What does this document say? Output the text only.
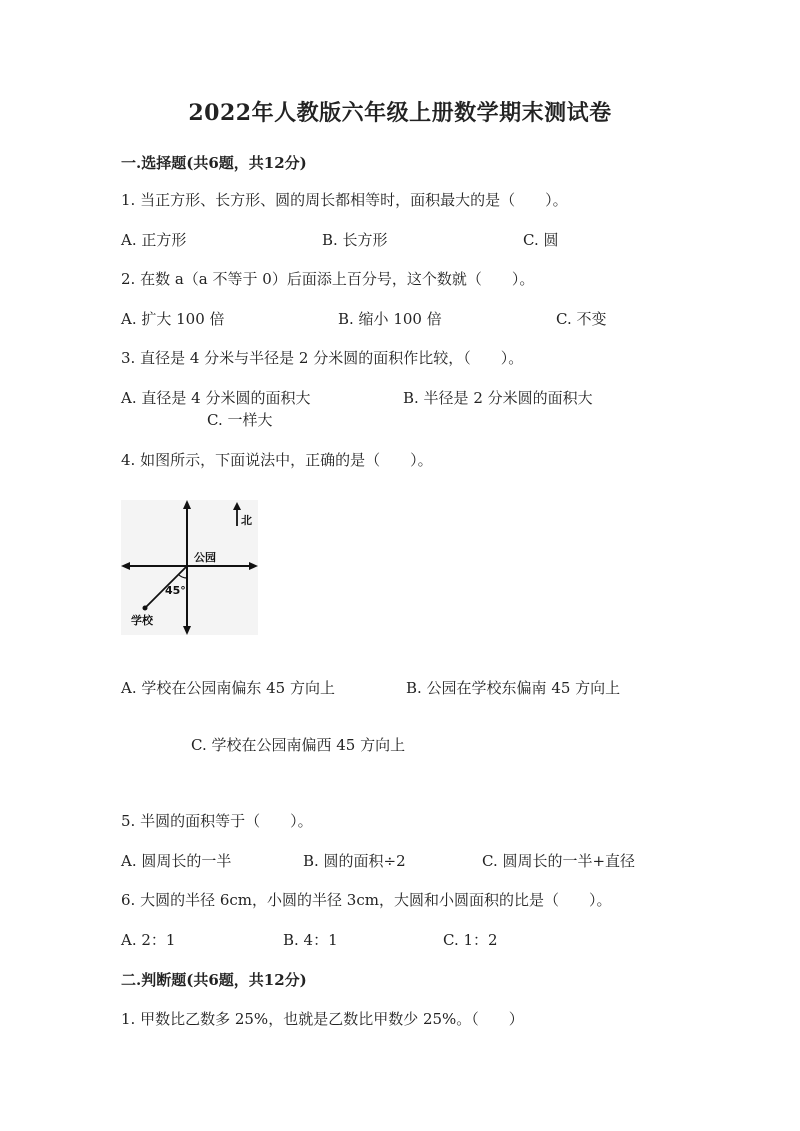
2022年人教版六年级上册数学期末测试卷
一.选择题(共6题，共12分)
1. 当正方形、长方形、圆的周长都相等时，面积最大的是（　　）。
A. 正方形	B. 长方形	C. 圆
2. 在数 a（a 不等于 0）后面添上百分号，这个数就（　　）。
A. 扩大 100 倍	B. 缩小 100 倍	C. 不变
3. 直径是 4 分米与半径是 2 分米圆的面积作比较，（　　）。
A. 直径是 4 分米圆的面积大	B. 半径是 2 分米圆的面积大
C. 一样大
4. 如图所示，下面说法中，正确的是（　　）。
北
公园
45°
学校
A. 学校在公园南偏东 45 方向上	B. 公园在学校东偏南 45 方向上
C. 学校在公园南偏西 45 方向上
5. 半圆的面积等于（　　）。
A. 圆周长的一半	B. 圆的面积÷2	C. 圆周长的一半+直径
6. 大圆的半径 6cm，小圆的半径 3cm，大圆和小圆面积的比是（　　）。
A. 2：1	B. 4：1	C. 1：2
二.判断题(共6题，共12分)
1. 甲数比乙数多 25%，也就是乙数比甲数少 25%。（　　）
